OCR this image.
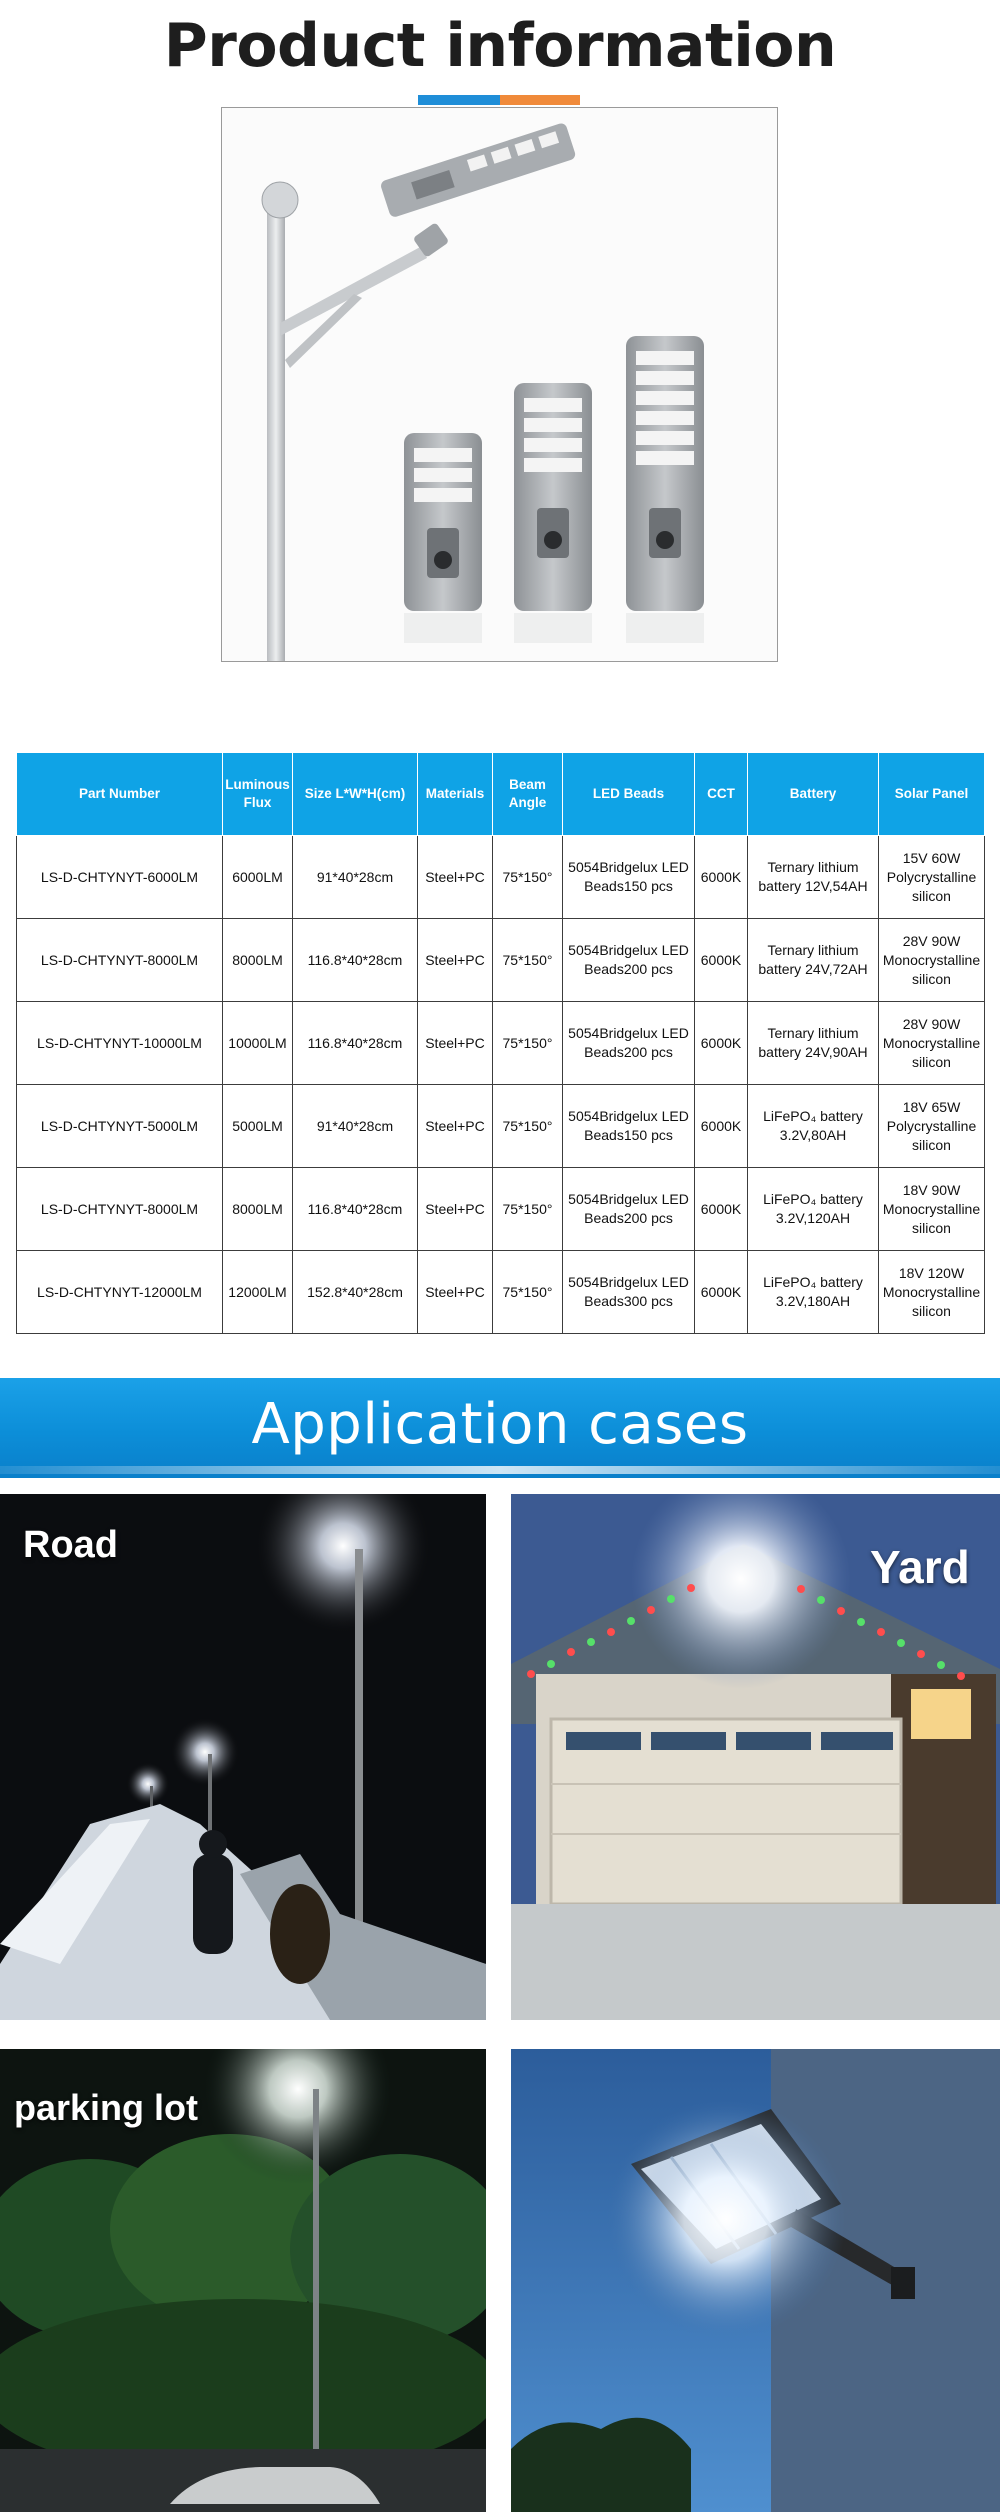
Product information
Part Number	Luminous Flux	Size L*W*H(cm)	Materials	Beam Angle	LED Beads	CCT	Battery	Solar Panel
LS-D-CHTYNYT-6000LM	6000LM	91*40*28cm	Steel+PC	75*150°	5054Bridgelux LED Beads150 pcs	6000K	Ternary lithium battery 12V,54AH	15V 60W Polycrystalline silicon
LS-D-CHTYNYT-8000LM	8000LM	116.8*40*28cm	Steel+PC	75*150°	5054Bridgelux LED Beads200 pcs	6000K	Ternary lithium battery 24V,72AH	28V 90W Monocrystalline silicon
LS-D-CHTYNYT-10000LM	10000LM	116.8*40*28cm	Steel+PC	75*150°	5054Bridgelux LED Beads200 pcs	6000K	Ternary lithium battery 24V,90AH	28V 90W Monocrystalline silicon
LS-D-CHTYNYT-5000LM	5000LM	91*40*28cm	Steel+PC	75*150°	5054Bridgelux LED Beads150 pcs	6000K	LiFePO₄ battery 3.2V,80AH	18V 65W Polycrystalline silicon
LS-D-CHTYNYT-8000LM	8000LM	116.8*40*28cm	Steel+PC	75*150°	5054Bridgelux LED Beads200 pcs	6000K	LiFePO₄ battery 3.2V,120AH	18V 90W Monocrystalline silicon
LS-D-CHTYNYT-12000LM	12000LM	152.8*40*28cm	Steel+PC	75*150°	5054Bridgelux LED Beads300 pcs	6000K	LiFePO₄ battery 3.2V,180AH	18V 120W Monocrystalline silicon
Application cases
Road	Yard
parking lot
